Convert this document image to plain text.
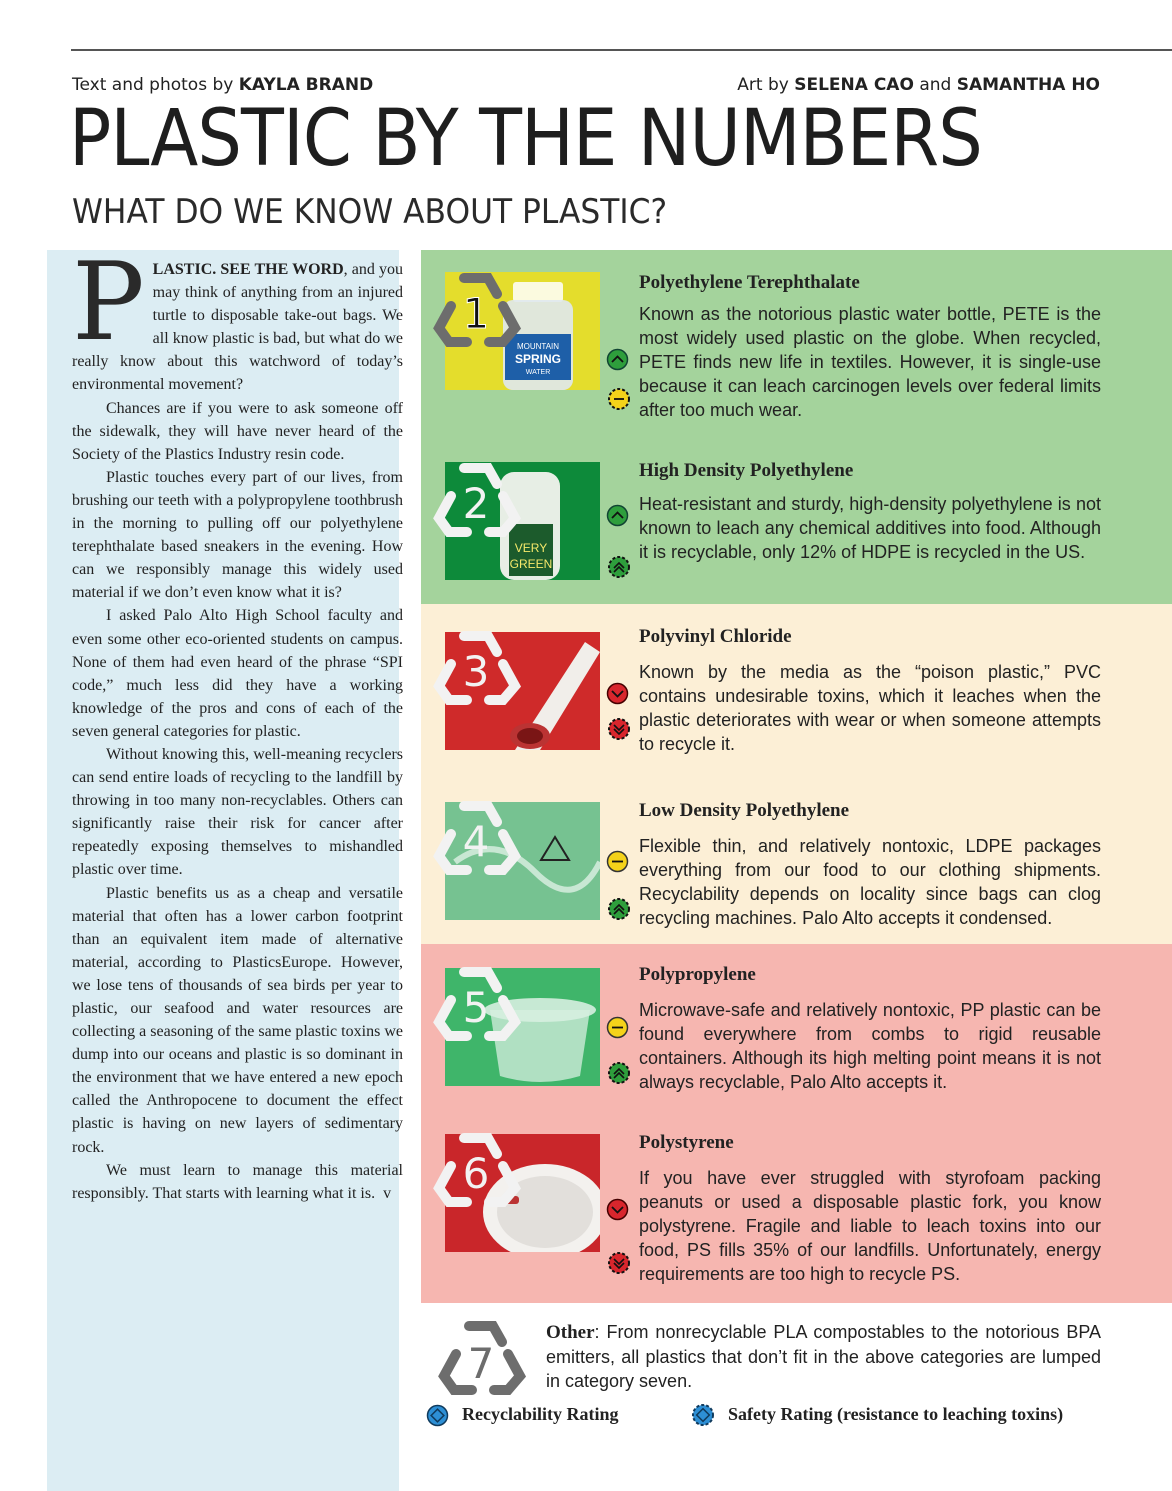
Text and photos by KAYLA BRAND	Art by SELENA CAO and SAMANTHA HO
PLASTIC BY THE NUMBERS
WHAT DO WE KNOW ABOUT PLASTIC?

PLASTIC. SEE THE WORD, and you may think of anything from an injured turtle to disposable take-out bags. We all know plastic is bad, but what do we really know about this watchword of today’s environmental movement?

Chances are if you were to ask someone off the sidewalk, they will have never heard of the Society of the Plastics Industry resin code.

Plastic touches every part of our lives, from brushing our teeth with a polypropylene toothbrush in the morning to pulling off our polyethylene terephthalate based sneakers in the evening. How can we responsibly manage this widely used material if we don’t even know what it is?

I asked Palo Alto High School faculty and even some other eco-oriented students on campus. None of them had even heard of the phrase “SPI code,” much less did they have a working knowledge of the pros and cons of each of the seven general categories for plastic.

Without knowing this, well-meaning recyclers can send entire loads of recycling to the landfill by throwing in too many non-recyclables. Others can significantly raise their risk for cancer after repeatedly exposing themselves to mishandled plastic over time.

Plastic benefits us as a cheap and versatile material that often has a lower carbon footprint than an equivalent item made of alternative material, according to PlasticsEurope. However, we lose tens of thousands of sea birds per year to plastic, our seafood and water resources are collecting a seasoning of the same plastic toxins we dump into our oceans and plastic is so dominant in the environment that we have entered a new epoch called the Anthropocene to document the effect plastic is having on new layers of sedimentary rock.

We must learn to manage this material responsibly. That starts with learning what it is. v

MOUNTAIN
SPRING
WATER
1
Polyethylene Terephthalate
Known as the notorious plastic water bottle, PETE is the most widely used plastic on the globe. When recycled, PETE finds new life in textiles. However, it is single-use because it can leach carcinogen levels over federal limits after too much wear.
VERY
GREEN
2
High Density Polyethylene
Heat-resistant and sturdy, high-density polyethylene is not known to leach any chemical additives into food. Although it is recyclable, only 12% of HDPE is recycled in the US.
3
Polyvinyl Chloride
Known by the media as the “poison plastic,” PVC contains undesirable toxins, which it leaches when the plastic deteriorates with wear or when someone attempts to recycle it.
4
Low Density Polyethylene
Flexible thin, and relatively nontoxic, LDPE packages everything from our food to our clothing shipments. Recyclability depends on locality since bags can clog recycling machines. Palo Alto accepts it condensed.
5
Polypropylene
Microwave-safe and relatively nontoxic, PP plastic can be found everywhere from combs to rigid reusable containers. Although its high melting point means it is not always recyclable, Palo Alto accepts it.
6
Polystyrene
If you have ever struggled with styrofoam packing peanuts or used a disposable plastic fork, you know polystyrene. Fragile and liable to leach toxins into our food, PS fills 35% of our landfills. Unfortunately, energy requirements are too high to recycle PS.
7
Other: From nonrecyclable PLA compostables to the notorious BPA emitters, all plastics that don’t fit in the above categories are lumped in category seven.
Recyclability Rating	Safety Rating (resistance to leaching toxins)
